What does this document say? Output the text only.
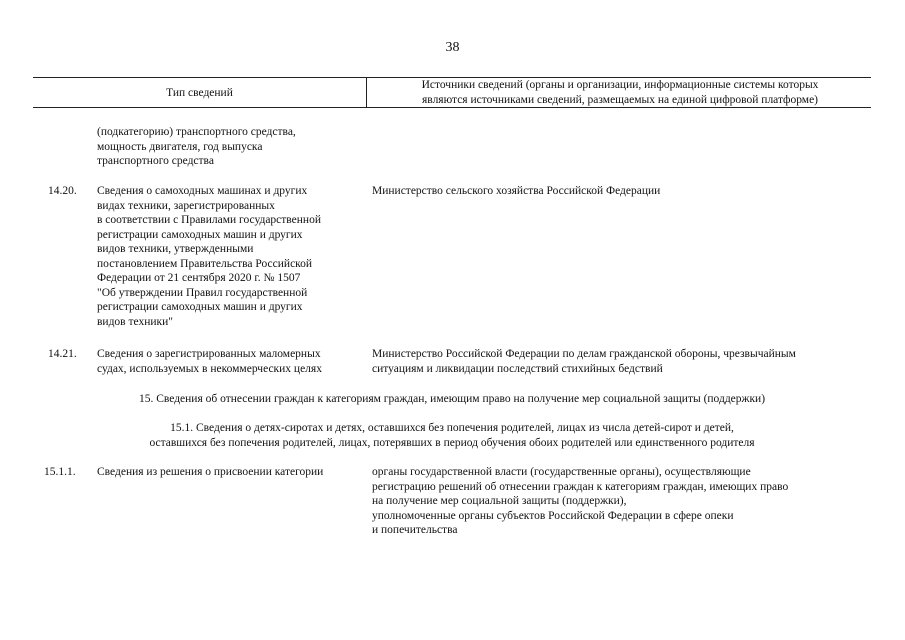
38
Тип сведений
Источники сведений (органы и организации, информационные системы которых
являются источниками сведений, размещаемых на единой цифровой платформе)
(подкатегорию) транспортного средства,
мощность двигателя, год выпуска
транспортного средства
14.20. Сведения о самоходных машинах и других
видах техники, зарегистрированных
в соответствии с Правилами государственной
регистрации самоходных машин и других
видов техники, утвержденными
постановлением Правительства Российской
Федерации от 21 сентября 2020 г. № 1507
"Об утверждении Правил государственной
регистрации самоходных машин и других
видов техники"
Министерство сельского хозяйства Российской Федерации
14.21. Сведения о зарегистрированных маломерных
судах, используемых в некоммерческих целях
Министерство Российской Федерации по делам гражданской обороны, чрезвычайным
ситуациям и ликвидации последствий стихийных бедствий
15. Сведения об отнесении граждан к категориям граждан, имеющим право на получение мер социальной защиты (поддержки)
15.1. Сведения о детях-сиротах и детях, оставшихся без попечения родителей, лицах из числа детей-сирот и детей,
оставшихся без попечения родителей, лицах, потерявших в период обучения обоих родителей или единственного родителя
15.1.1. Сведения из решения о присвоении категории	органы государственной власти (государственные органы), осуществляющие
регистрацию решений об отнесении граждан к категориям граждан, имеющих право
на получение мер социальной защиты (поддержки),
уполномоченные органы субъектов Российской Федерации в сфере опеки
и попечительства
